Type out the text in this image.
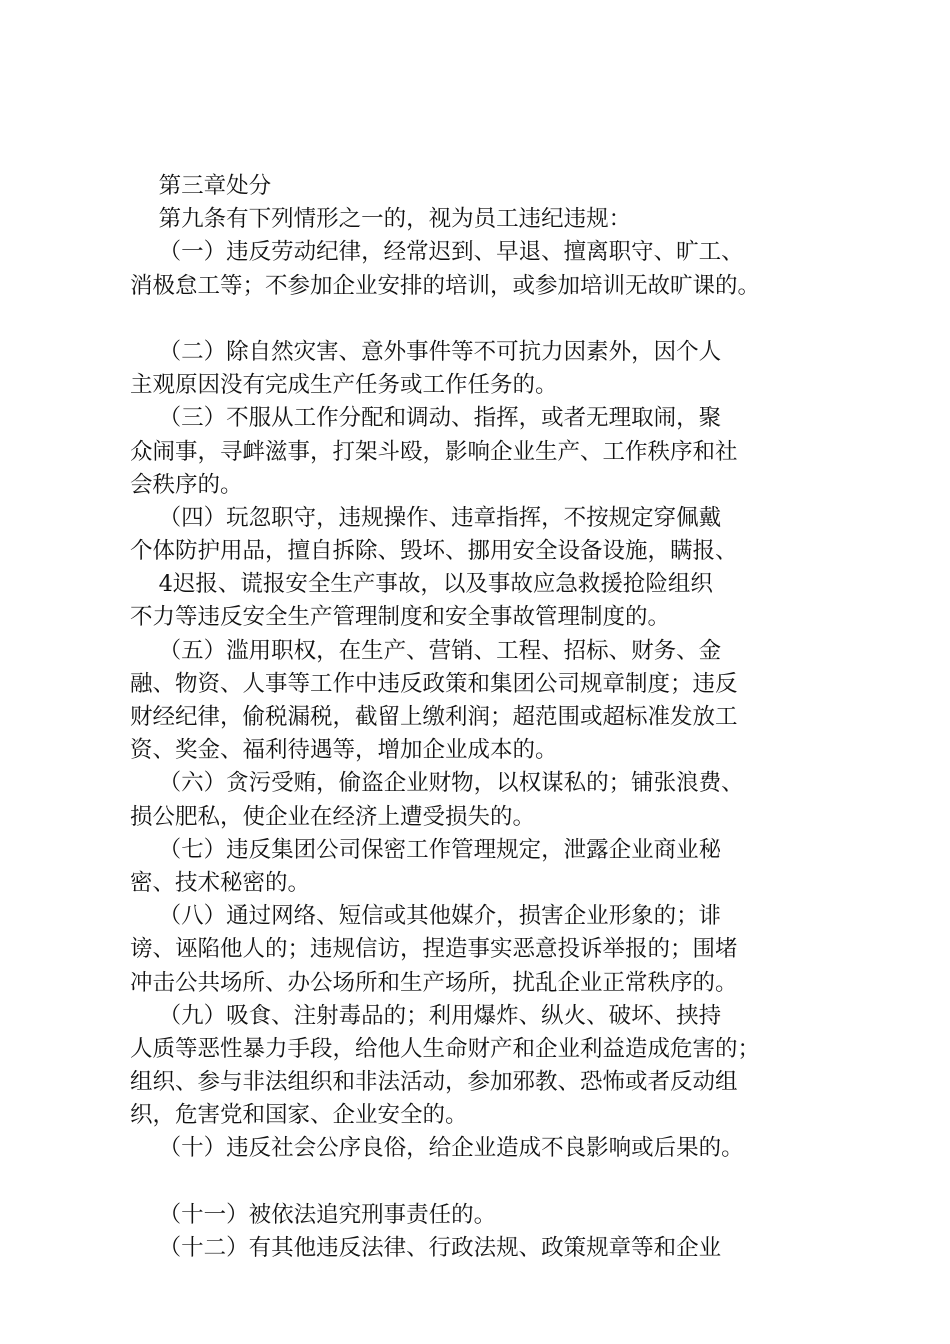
第三章处分
第九条有下列情形之一的，视为员工违纪违规：
（一）违反劳动纪律，经常迟到、早退、擅离职守、旷工、
消极怠工等；不参加企业安排的培训，或参加培训无故旷课的。
（二）除自然灾害、意外事件等不可抗力因素外，因个人
主观原因没有完成生产任务或工作任务的。
（三）不服从工作分配和调动、指挥，或者无理取闹，聚
众闹事，寻衅滋事，打架斗殴，影响企业生产、工作秩序和社
会秩序的。
（四）玩忽职守，违规操作、违章指挥，不按规定穿佩戴
个体防护用品，擅自拆除、毁坏、挪用安全设备设施，瞒报、
4迟报、谎报安全生产事故，以及事故应急救援抢险组织
不力等违反安全生产管理制度和安全事故管理制度的。
（五）滥用职权，在生产、营销、工程、招标、财务、金
融、物资、人事等工作中违反政策和集团公司规章制度；违反
财经纪律，偷税漏税，截留上缴利润；超范围或超标准发放工
资、奖金、福利待遇等，增加企业成本的。
（六）贪污受贿，偷盗企业财物，以权谋私的；铺张浪费、
损公肥私，使企业在经济上遭受损失的。
（七）违反集团公司保密工作管理规定，泄露企业商业秘
密、技术秘密的。
（八）通过网络、短信或其他媒介，损害企业形象的；诽
谤、诬陷他人的；违规信访，捏造事实恶意投诉举报的；围堵
冲击公共场所、办公场所和生产场所，扰乱企业正常秩序的。
（九）吸食、注射毒品的；利用爆炸、纵火、破坏、挟持
人质等恶性暴力手段，给他人生命财产和企业利益造成危害的；
组织、参与非法组织和非法活动，参加邪教、恐怖或者反动组
织，危害党和国家、企业安全的。
（十）违反社会公序良俗，给企业造成不良影响或后果的。
（十一）被依法追究刑事责任的。
（十二）有其他违反法律、行政法规、政策规章等和企业
